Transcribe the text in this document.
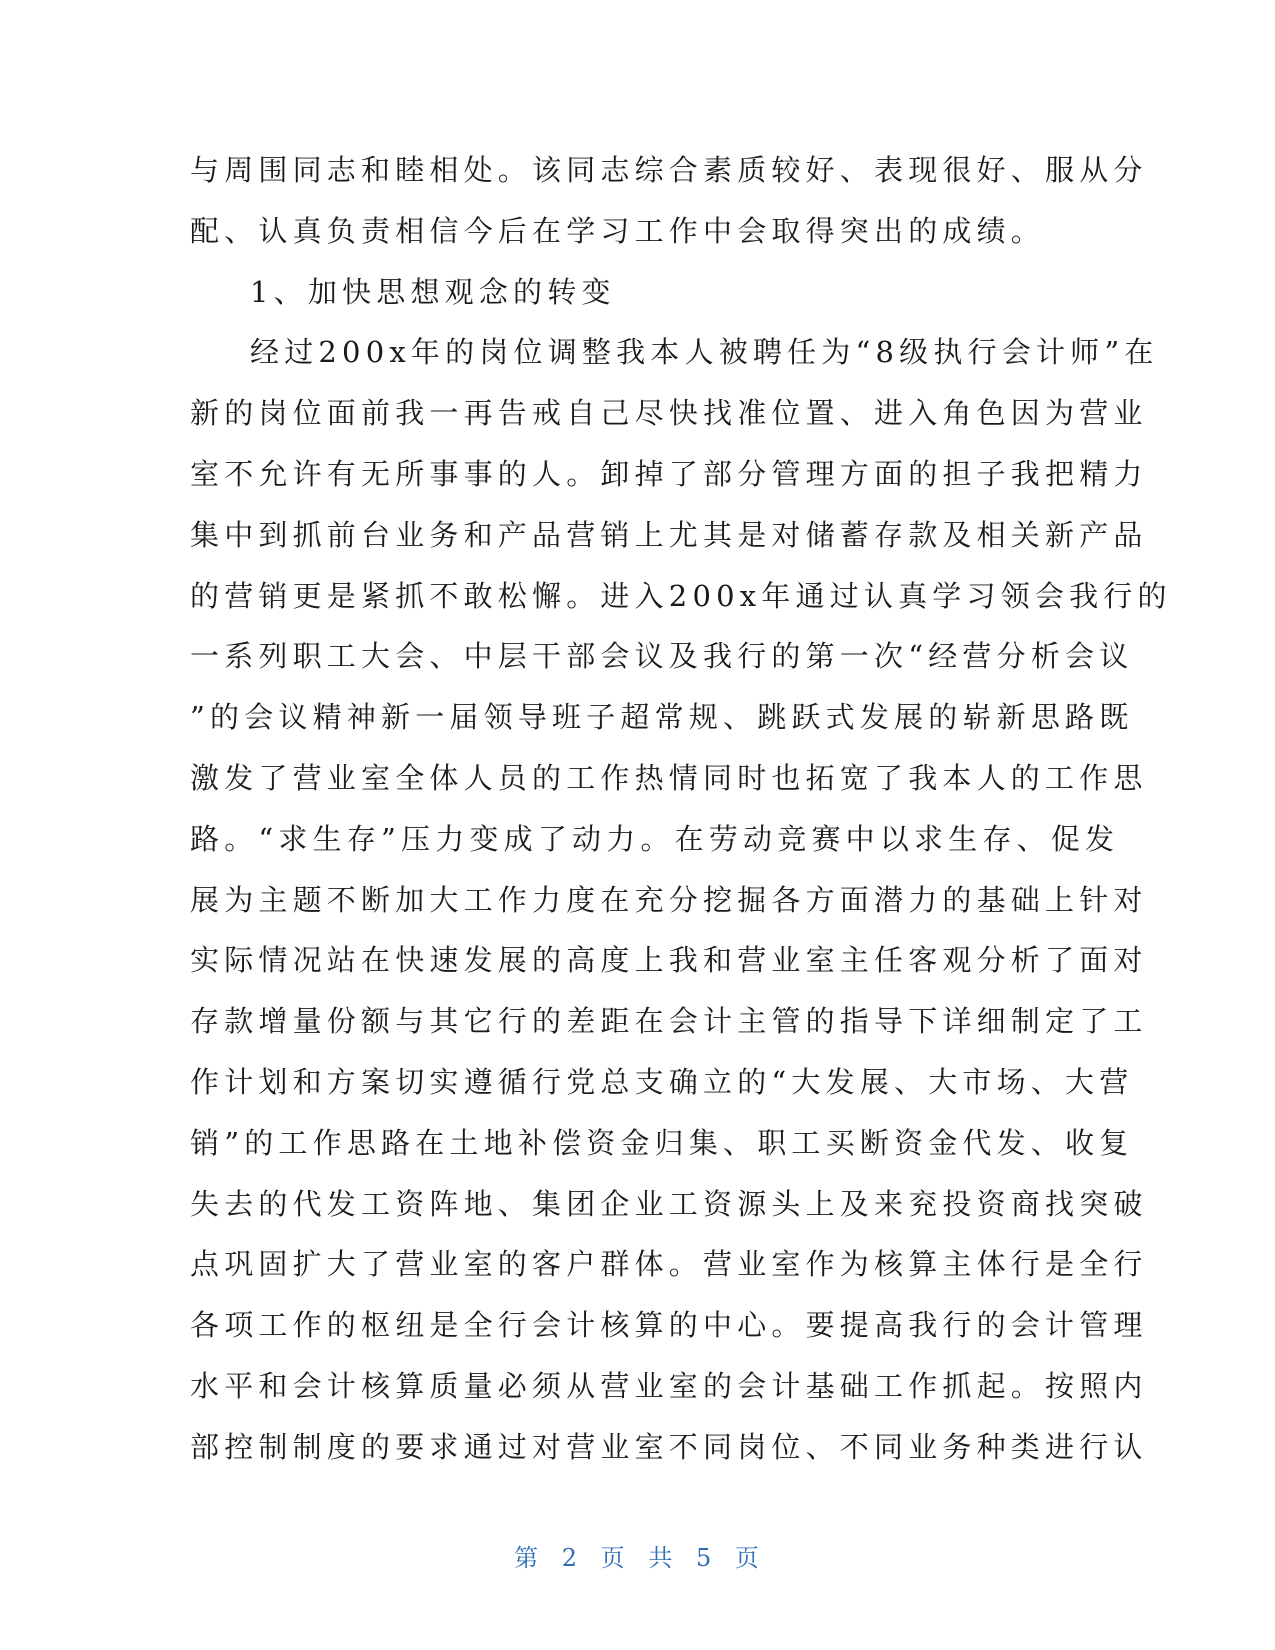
与周围同志和睦相处。该同志综合素质较好、表现很好、服从分
配、认真负责相信今后在学习工作中会取得突出的成绩。
1、加快思想观念的转变
经过200x年的岗位调整我本人被聘任为“8级执行会计师”在
新的岗位面前我一再告戒自己尽快找准位置、进入角色因为营业
室不允许有无所事事的人。卸掉了部分管理方面的担子我把精力
集中到抓前台业务和产品营销上尤其是对储蓄存款及相关新产品
的营销更是紧抓不敢松懈。进入200x年通过认真学习领会我行的
一系列职工大会、中层干部会议及我行的第一次“经营分析会议
”的会议精神新一届领导班子超常规、跳跃式发展的崭新思路既
激发了营业室全体人员的工作热情同时也拓宽了我本人的工作思
路。“求生存”压力变成了动力。在劳动竞赛中以求生存、促发
展为主题不断加大工作力度在充分挖掘各方面潜力的基础上针对
实际情况站在快速发展的高度上我和营业室主任客观分析了面对
存款增量份额与其它行的差距在会计主管的指导下详细制定了工
作计划和方案切实遵循行党总支确立的“大发展、大市场、大营
销”的工作思路在土地补偿资金归集、职工买断资金代发、收复
失去的代发工资阵地、集团企业工资源头上及来兖投资商找突破
点巩固扩大了营业室的客户群体。营业室作为核算主体行是全行
各项工作的枢纽是全行会计核算的中心。要提高我行的会计管理
水平和会计核算质量必须从营业室的会计基础工作抓起。按照内
部控制制度的要求通过对营业室不同岗位、不同业务种类进行认
第 2 页 共 5 页
